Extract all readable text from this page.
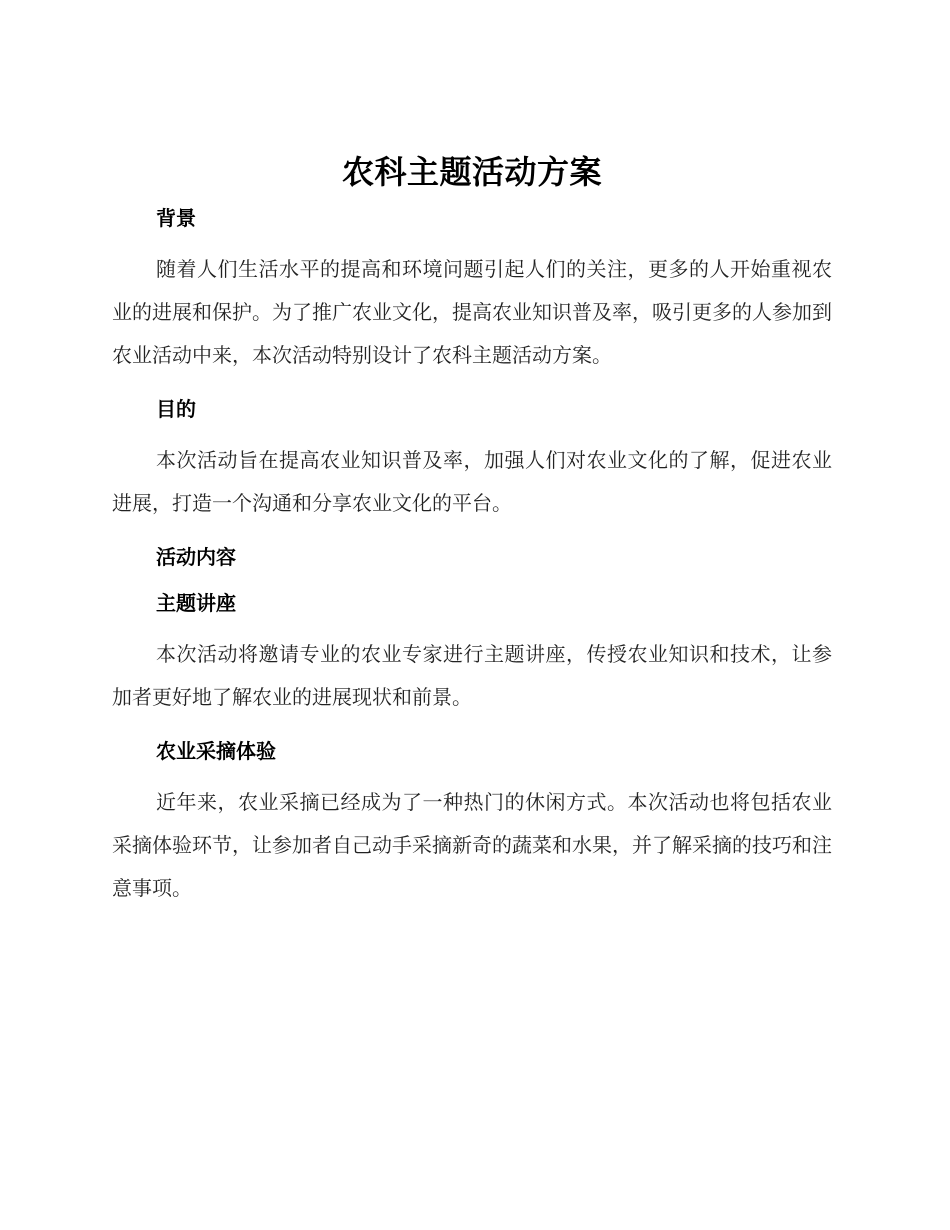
农科主题活动方案
背景

随着人们生活水平的提高和环境问题引起人们的关注，更多的人开始重视农业的进展和保护。为了推广农业文化，提高农业知识普及率，吸引更多的人参加到农业活动中来，本次活动特别设计了农科主题活动方案。

目的

本次活动旨在提高农业知识普及率，加强人们对农业文化的了解，促进农业进展，打造一个沟通和分享农业文化的平台。

活动内容
主题讲座

本次活动将邀请专业的农业专家进行主题讲座，传授农业知识和技术，让参加者更好地了解农业的进展现状和前景。

农业采摘体验

近年来，农业采摘已经成为了一种热门的休闲方式。本次活动也将包括农业采摘体验环节，让参加者自己动手采摘新奇的蔬菜和水果，并了解采摘的技巧和注意事项。
